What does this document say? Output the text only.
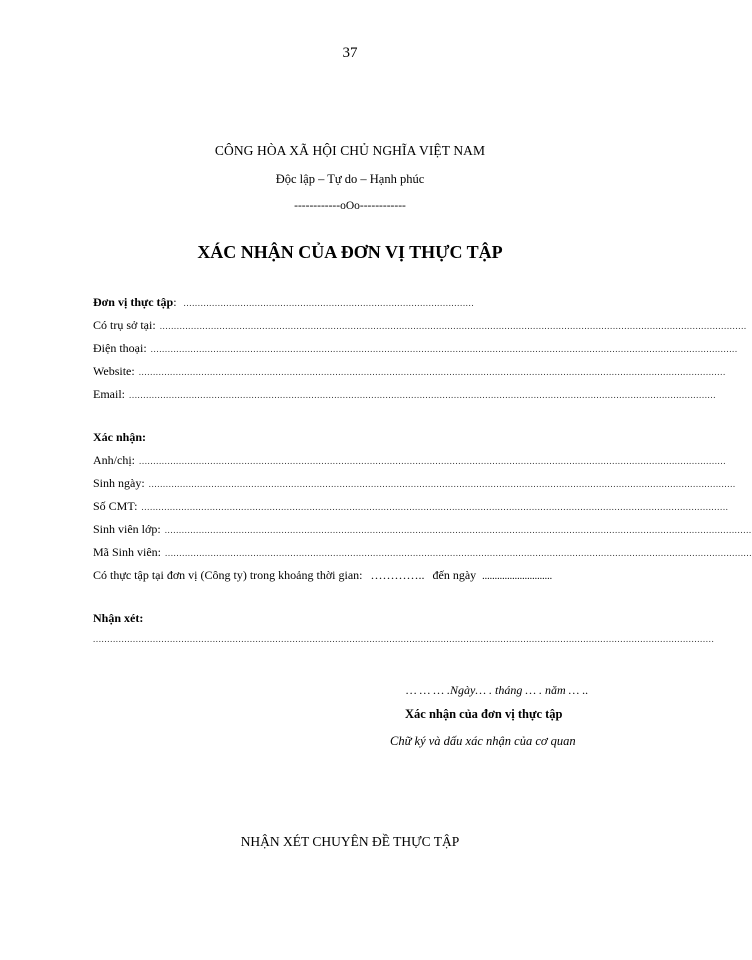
37
CÔNG HÒA XÃ HỘI CHỦ NGHĨA VIỆT NAM
Độc lập – Tự do – Hạnh phúc
------------oOo------------
XÁC NHẬN CỦA ĐƠN VỊ THỰC TẬP
Đơn vị thực tập: ......................................................................................................
Có trụ sở tại: ..............................................................................................................................................................................................................
Điện thoại: ..............................................................................................................................................................................................................
Website: ..............................................................................................................................................................................................................
Email: ..............................................................................................................................................................................................................
Xác nhận:
Anh/chị: ..............................................................................................................................................................................................................
Sinh ngày: ..............................................................................................................................................................................................................
Số CMT: ..............................................................................................................................................................................................................
Sinh viên lớp: ..............................................................................................................................................................................................................
Mã Sinh viên: ..............................................................................................................................................................................................................
Có thực tập tại đơn vị (Công ty) trong khoảng thời gian: ………….. đến ngày ............................
Nhận xét:
..........................................................................................................................................................................................................................
… … … .Ngày… . tháng … . năm … ..
Xác nhận của đơn vị thực tập
Chữ ký và dấu xác nhận của cơ quan
NHẬN XÉT CHUYÊN ĐỀ THỰC TẬP
